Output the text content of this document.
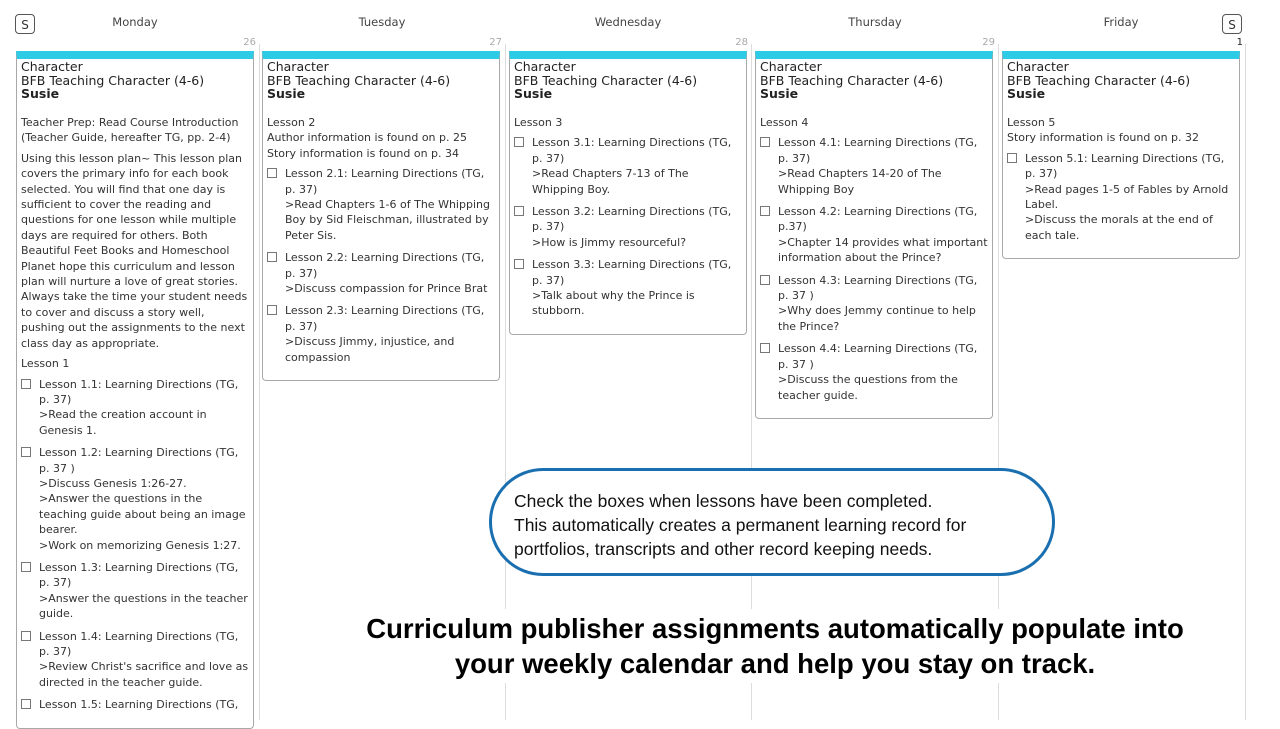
S	S
Monday	Tuesday	Wednesday	Thursday	Friday
26	27	28	29	1
Character
BFB Teaching Character (4-6)
Susie

Teacher Prep: Read Course Introduction (Teacher Guide, hereafter TG, pp. 2-4)

Using this lesson plan~ This lesson plan covers the primary info for each book selected. You will find that one day is sufficient to cover the reading and questions for one lesson while multiple days are required for others. Both Beautiful Feet Books and Homeschool Planet hope this curriculum and lesson plan will nurture a love of great stories. Always take the time your student needs to cover and discuss a story well, pushing out the assignments to the next class day as appropriate.

Lesson 1

Lesson 1.1: Learning Directions (TG, p. 37)
>Read the creation account in Genesis 1.
Lesson 1.2: Learning Directions (TG, p. 37 )
>Discuss Genesis 1:26-27.
>Answer the questions in the teaching guide about being an image bearer.
>Work on memorizing Genesis 1:27.
Lesson 1.3: Learning Directions (TG, p. 37)
>Answer the questions in the teacher guide.
Lesson 1.4: Learning Directions (TG, p. 37)
>Review Christ's sacrifice and love as directed in the teacher guide.
Lesson 1.5: Learning Directions (TG,
Character
BFB Teaching Character (4-6)
Susie

Lesson 2
Author information is found on p. 25
Story information is found on p. 34

Lesson 2.1: Learning Directions (TG, p. 37)
>Read Chapters 1-6 of The Whipping Boy by Sid Fleischman, illustrated by Peter Sis.
Lesson 2.2: Learning Directions (TG, p. 37)
>Discuss compassion for Prince Brat
Lesson 2.3: Learning Directions (TG, p. 37)
>Discuss Jimmy, injustice, and compassion
Character
BFB Teaching Character (4-6)
Susie

Lesson 3

Lesson 3.1: Learning Directions (TG, p. 37)
>Read Chapters 7-13 of The Whipping Boy.
Lesson 3.2: Learning Directions (TG, p. 37)
>How is Jimmy resourceful?
Lesson 3.3: Learning Directions (TG, p. 37)
>Talk about why the Prince is stubborn.
Character
BFB Teaching Character (4-6)
Susie

Lesson 4

Lesson 4.1: Learning Directions (TG, p. 37)
>Read Chapters 14-20 of The Whipping Boy
Lesson 4.2: Learning Directions (TG, p.37)
>Chapter 14 provides what important information about the Prince?
Lesson 4.3: Learning Directions (TG, p. 37 )
>Why does Jemmy continue to help the Prince?
Lesson 4.4: Learning Directions (TG, p. 37 )
>Discuss the questions from the teacher guide.
Character
BFB Teaching Character (4-6)
Susie

Lesson 5
Story information is found on p. 32

Lesson 5.1: Learning Directions (TG, p. 37)
>Read pages 1-5 of Fables by Arnold Label.
>Discuss the morals at the end of each tale.
Check the boxes when lessons have been completed.
This automatically creates a permanent learning record for
portfolios, transcripts and other record keeping needs.
Curriculum publisher assignments automatically populate into
your weekly calendar and help you stay on track.
